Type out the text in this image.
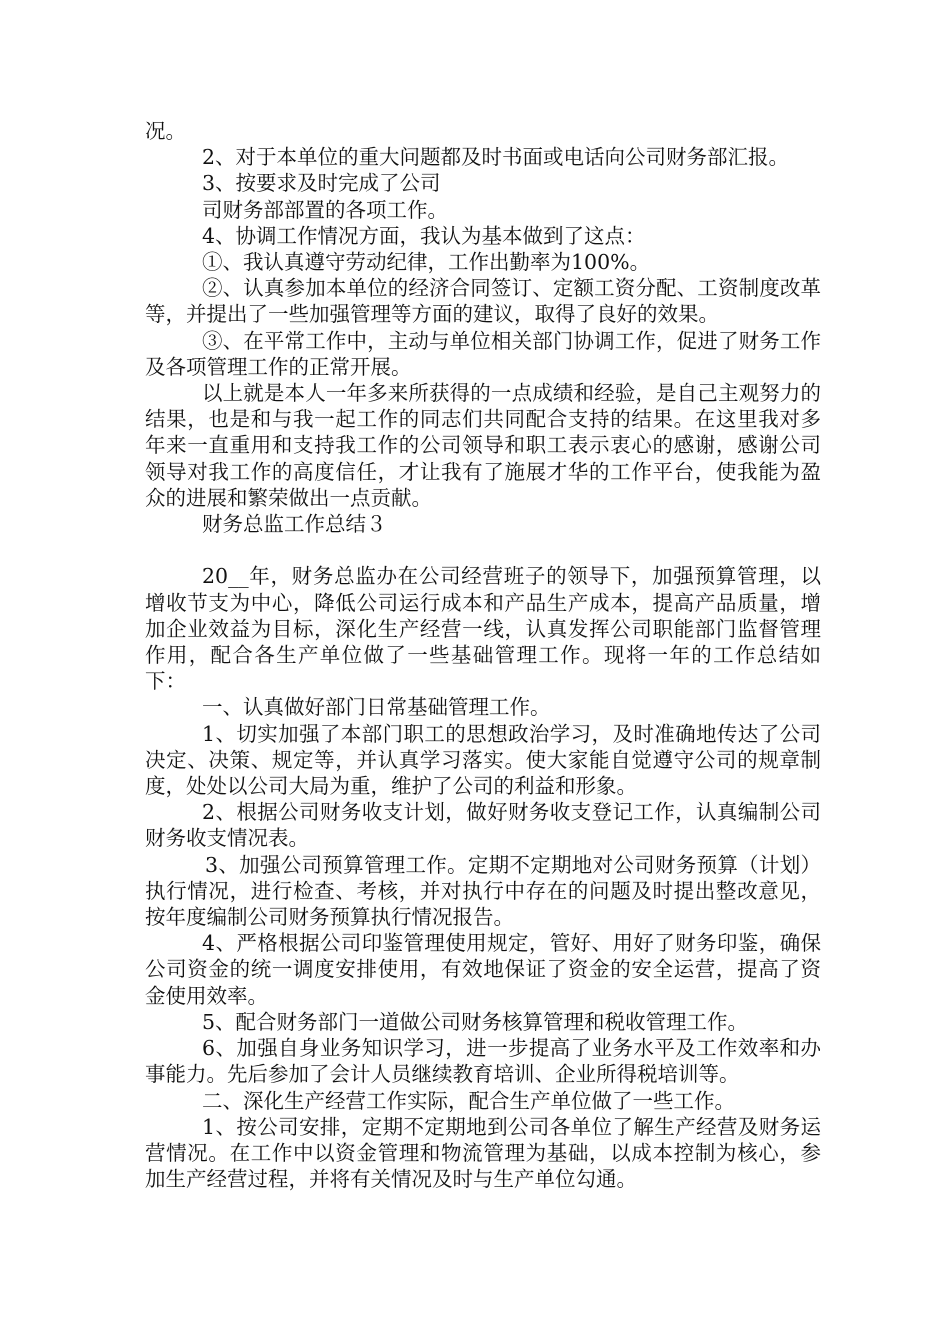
况。

2、对于本单位的重大问题都及时书面或电话向公司财务部汇报。

3、按要求及时完成了公司

司财务部部置的各项工作。

4、协调工作情况方面，我认为基本做到了这点：

①、我认真遵守劳动纪律，工作出勤率为100%。

②、认真参加本单位的经济合同签订、定额工资分配、工资制度改革等，并提出了一些加强管理等方面的建议，取得了良好的效果。

③、在平常工作中，主动与单位相关部门协调工作，促进了财务工作及各项管理工作的正常开展。

以上就是本人一年多来所获得的一点成绩和经验，是自己主观努力的结果，也是和与我一起工作的同志们共同配合支持的结果。在这里我对多年来一直重用和支持我工作的公司领导和职工表示衷心的感谢，感谢公司领导对我工作的高度信任，才让我有了施展才华的工作平台，使我能为盈众的进展和繁荣做出一点贡献。

财务总监工作总结３

20__年，财务总监办在公司经营班子的领导下，加强预算管理，以增收节支为中心，降低公司运行成本和产品生产成本，提高产品质量，增加企业效益为目标，深化生产经营一线，认真发挥公司职能部门监督管理作用，配合各生产单位做了一些基础管理工作。现将一年的工作总结如下：

一、认真做好部门日常基础管理工作。

1、切实加强了本部门职工的思想政治学习，及时准确地传达了公司决定、决策、规定等，并认真学习落实。使大家能自觉遵守公司的规章制度，处处以公司大局为重，维护了公司的利益和形象。

2、根据公司财务收支计划，做好财务收支登记工作，认真编制公司财务收支情况表。

3、加强公司预算管理工作。定期不定期地对公司财务预算（计划）执行情况，进行检查、考核，并对执行中存在的问题及时提出整改意见，按年度编制公司财务预算执行情况报告。

4、严格根据公司印鉴管理使用规定，管好、用好了财务印鉴，确保公司资金的统一调度安排使用，有效地保证了资金的安全运营，提高了资金使用效率。

5、配合财务部门一道做公司财务核算管理和税收管理工作。

6、加强自身业务知识学习，进一步提高了业务水平及工作效率和办事能力。先后参加了会计人员继续教育培训、企业所得税培训等。

二、深化生产经营工作实际，配合生产单位做了一些工作。

1、按公司安排，定期不定期地到公司各单位了解生产经营及财务运营情况。在工作中以资金管理和物流管理为基础，以成本控制为核心，参加生产经营过程，并将有关情况及时与生产单位勾通。
